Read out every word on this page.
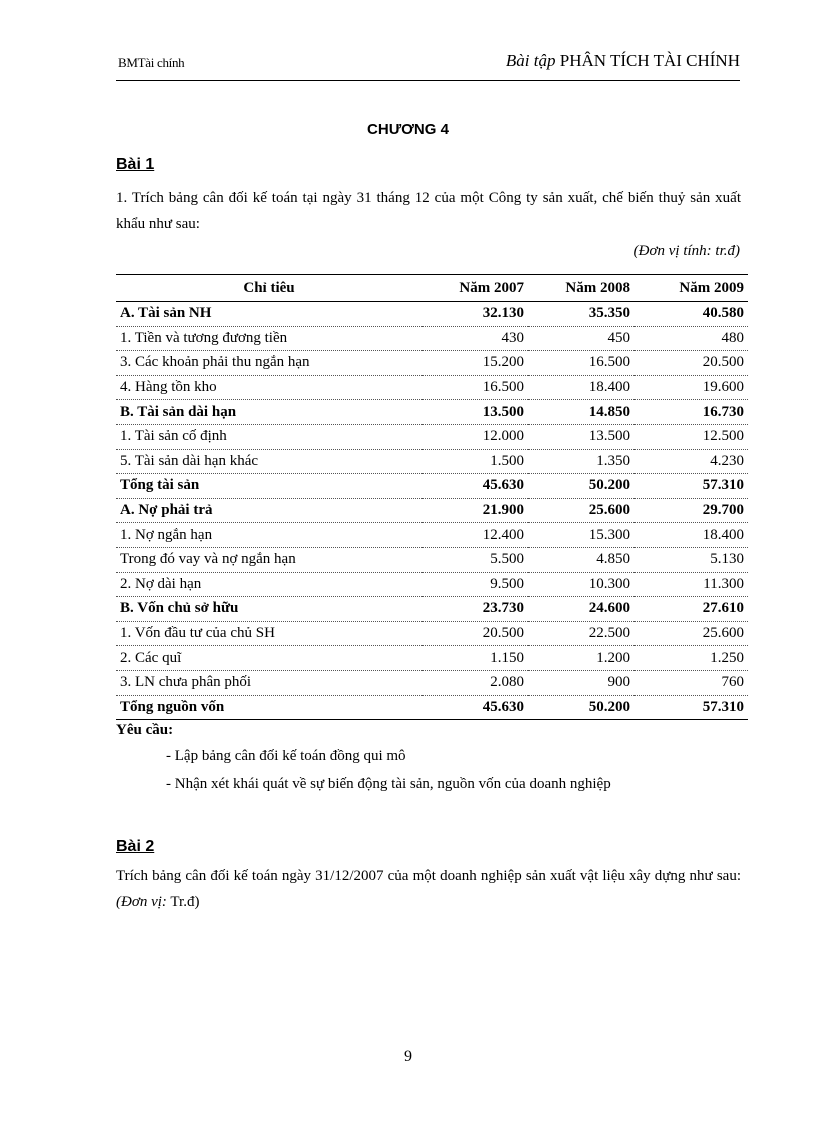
BMTài chính	Bài tập PHÂN TÍCH TÀI CHÍNH
CHƯƠNG 4
Bài 1
1. Trích bảng cân đối kế toán tại ngày 31 tháng 12 của một Công ty sản xuất, chế biến thuỷ sản xuất khẩu như sau:
(Đơn vị tính: tr.đ)
Chỉ tiêu	Năm 2007	Năm 2008	Năm 2009
A. Tài sản NH	32.130	35.350	40.580
1. Tiền và tương đương tiền	430	450	480
3. Các khoản phải thu ngắn hạn	15.200	16.500	20.500
4. Hàng tồn kho	16.500	18.400	19.600
B. Tài sản dài hạn	13.500	14.850	16.730
1. Tài sản cố định	12.000	13.500	12.500
5. Tài sản dài hạn khác	1.500	1.350	4.230
Tổng tài sản	45.630	50.200	57.310
A. Nợ phải trả	21.900	25.600	29.700
1. Nợ ngắn hạn	12.400	15.300	18.400
Trong đó vay và nợ ngắn hạn	5.500	4.850	5.130
2. Nợ dài hạn	9.500	10.300	11.300
B. Vốn chủ sở hữu	23.730	24.600	27.610
1. Vốn đầu tư của chủ SH	20.500	22.500	25.600
2. Các quĩ	1.150	1.200	1.250
3. LN chưa phân phối	2.080	900	760
Tổng nguồn vốn	45.630	50.200	57.310
Yêu cầu:
- Lập bảng cân đối kế toán đồng qui mô
- Nhận xét khái quát về sự biến động tài sản, nguồn vốn của doanh nghiệp
Bài 2
Trích bảng cân đối kế toán ngày 31/12/2007 của một doanh nghiệp sản xuất vật liệu xây dựng như sau: (Đơn vị: Tr.đ)
9
